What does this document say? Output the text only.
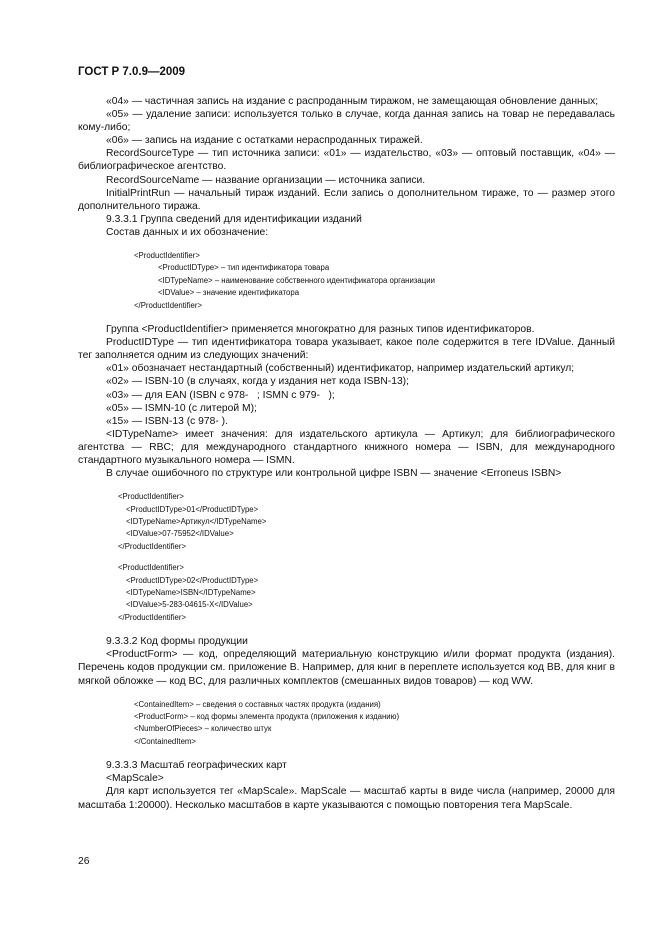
ГОСТ Р 7.0.9—2009

«04» — частичная запись на издание с распроданным тиражом, не замещающая обновление данных;

«05» — удаление записи: используется только в случае, когда данная запись на товар не передавалась кому-либо;

«06» — запись на издание с остатками нераспроданных тиражей.

RecordSourceType — тип источника записи: «01» — издательство, «03» — оптовый поставщик, «04» — библиографическое агентство.

RecordSourceName — название организации — источника записи.

InitialPrintRun — начальный тираж изданий. Если запись о дополнительном тираже, то — размер этого дополнительного тиража.

9.3.3.1 Группа сведений для идентификации изданий

Состав данных и их обозначение:

<ProductIdentifier>
<ProductIDType> – тип идентификатора товара
<IDTypeName> – наименование собственного идентификатора организации
<IDValue> – значение идентификатора
</ProductIdentifier>

Группа <ProductIdentifier> применяется многократно для разных типов идентификаторов.

ProductIDType — тип идентификатора товара указывает, какое поле содержится в теге IDValue. Данный тег заполняется одним из следующих значений:

«01» обозначает нестандартный (собственный) идентификатор, например издательский артикул;

«02» — ISBN-10 (в случаях, когда у издания нет кода ISBN-13);

«03» — для EAN (ISBN с 978-   ; ISMN с 979-   );

«05» — ISMN-10 (с литерой M);

«15» — ISBN-13 (с 978- ).

<IDTypeName> имеет значения: для издательского артикула — Артикул; для библиографического агентства — RBC; для международного стандартного книжного номера — ISBN, для международного стандартного музыкального номера — ISMN.

В случае ошибочного по структуре или контрольной цифре ISBN — значение <Erroneus ISBN>

<ProductIdentifier>
<ProductIDType>01</ProductIDType>
<IDTypeName>Артикул</IDTypeName>
<IDValue>07-75952</IDValue>
</ProductIdentifier>
<ProductIdentifier>
<ProductIDType>02</ProductIDType>
<IDTypeName>ISBN</IDTypeName>
<IDValue>5-283-04615-X</IDValue>
</ProductIdentifier>

9.3.3.2 Код формы продукции

<ProductForm> — код, определяющий материальную конструкцию и/или формат продукта (издания). Перечень кодов продукции см. приложение В. Например, для книг в переплете используется код BB, для книг в мягкой обложке — код BC, для различных комплектов (смешанных видов товаров) — код WW.

<ContainedItem> – сведения о составных частях продукта (издания)
<ProductForm> – код формы элемента продукта (приложения к изданию)
<NumberOfPieces> – количество штук
</ContainedItem>

9.3.3.3 Масштаб географических карт

<MapScale>

Для карт используется тег «MapScale». MapScale — масштаб карты в виде числа (например, 20000 для масштаба 1:20000). Несколько масштабов в карте указываются с помощью повторения тега MapScale.

26
